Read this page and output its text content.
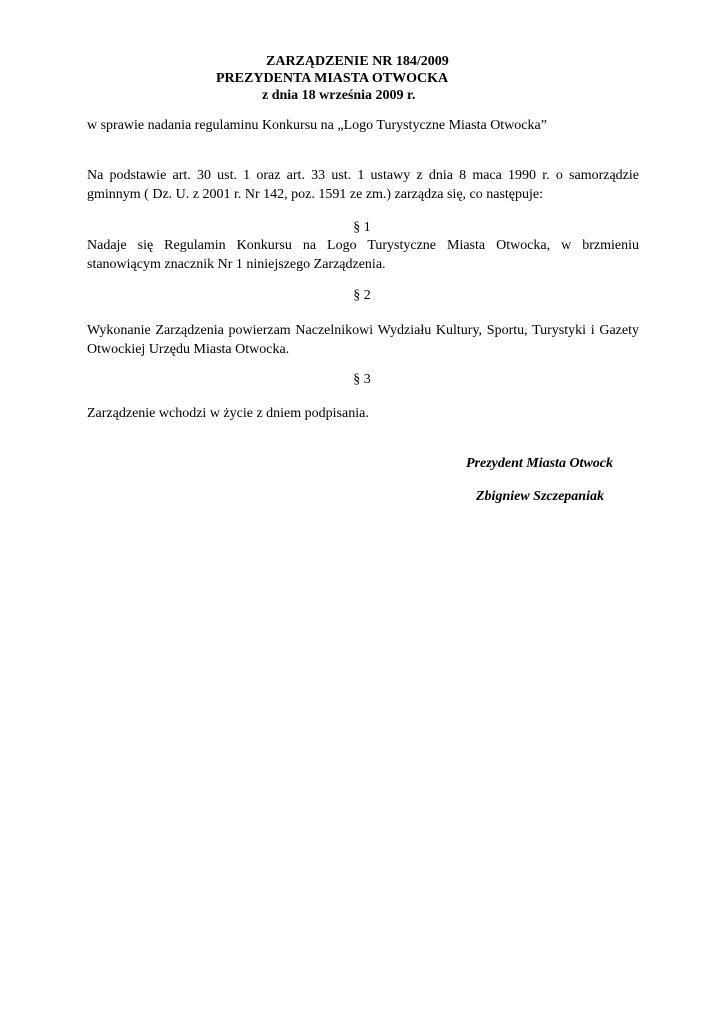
ZARZĄDZENIE NR 184/2009
PREZYDENTA MIASTA OTWOCKA
z dnia 18 września 2009 r.
w sprawie nadania regulaminu Konkursu na „Logo Turystyczne Miasta Otwocka”
Na podstawie art. 30 ust. 1 oraz art. 33 ust. 1 ustawy z dnia 8 maca 1990 r. o samorządzie gminnym ( Dz. U. z 2001 r. Nr 142, poz. 1591 ze zm.) zarządza się, co następuje:
§ 1
Nadaje się Regulamin Konkursu na Logo Turystyczne Miasta Otwocka, w brzmieniu stanowiącym znacznik Nr 1 niniejszego Zarządzenia.
§ 2
Wykonanie Zarządzenia powierzam Naczelnikowi Wydziału Kultury, Sportu, Turystyki i Gazety Otwockiej Urzędu Miasta Otwocka.
§ 3
Zarządzenie wchodzi w życie z dniem podpisania.
Prezydent Miasta Otwock
Zbigniew Szczepaniak
